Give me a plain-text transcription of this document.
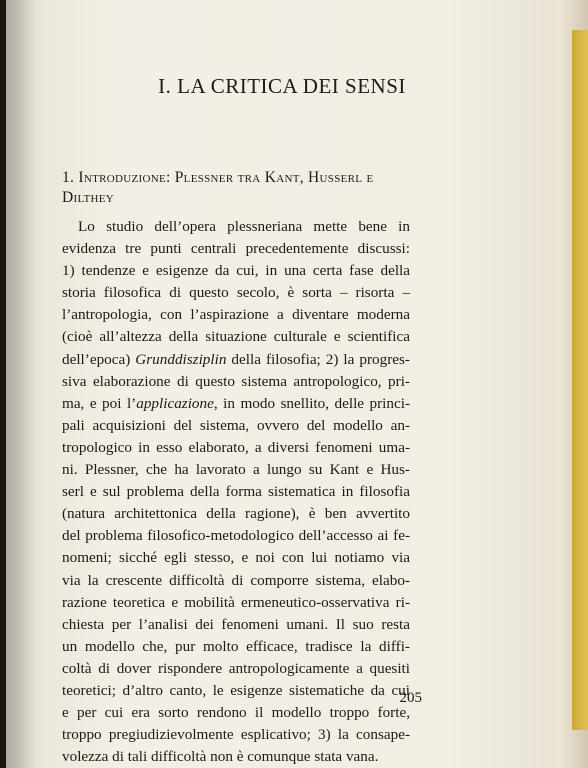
I. LA CRITICA DEI SENSI
1. Introduzione: Plessner tra Kant, Husserl e
Dilthey
Lo studio dell’opera plessneriana mette bene in
evidenza tre punti centrali precedentemente discussi:
1) tendenze e esigenze da cui, in una certa fase della
storia filosofica di questo secolo, è sorta – risorta –
l’antropologia, con l’aspirazione a diventare moderna
(cioè all’altezza della situazione culturale e scientifica
dell’epoca) Grunddisziplin della filosofia; 2) la progres-
siva elaborazione di questo sistema antropologico, pri-
ma, e poi l’applicazione, in modo snellito, delle princi-
pali acquisizioni del sistema, ovvero del modello an-
tropologico in esso elaborato, a diversi fenomeni uma-
ni. Plessner, che ha lavorato a lungo su Kant e Hus-
serl e sul problema della forma sistematica in filosofia
(natura architettonica della ragione), è ben avvertito
del problema filosofico-metodologico dell’accesso ai fe-
nomeni; sicché egli stesso, e noi con lui notiamo via
via la crescente difficoltà di comporre sistema, elabo-
razione teoretica e mobilità ermeneutico-osservativa ri-
chiesta per l’analisi dei fenomeni umani. Il suo resta
un modello che, pur molto efficace, tradisce la diffi-
coltà di dover rispondere antropologicamente a quesiti
teoretici; d’altro canto, le esigenze sistematiche da cui
e per cui era sorto rendono il modello troppo forte,
troppo pregiudizievolmente esplicativo; 3) la consape-
volezza di tali difficoltà non è comunque stata vana.
205
